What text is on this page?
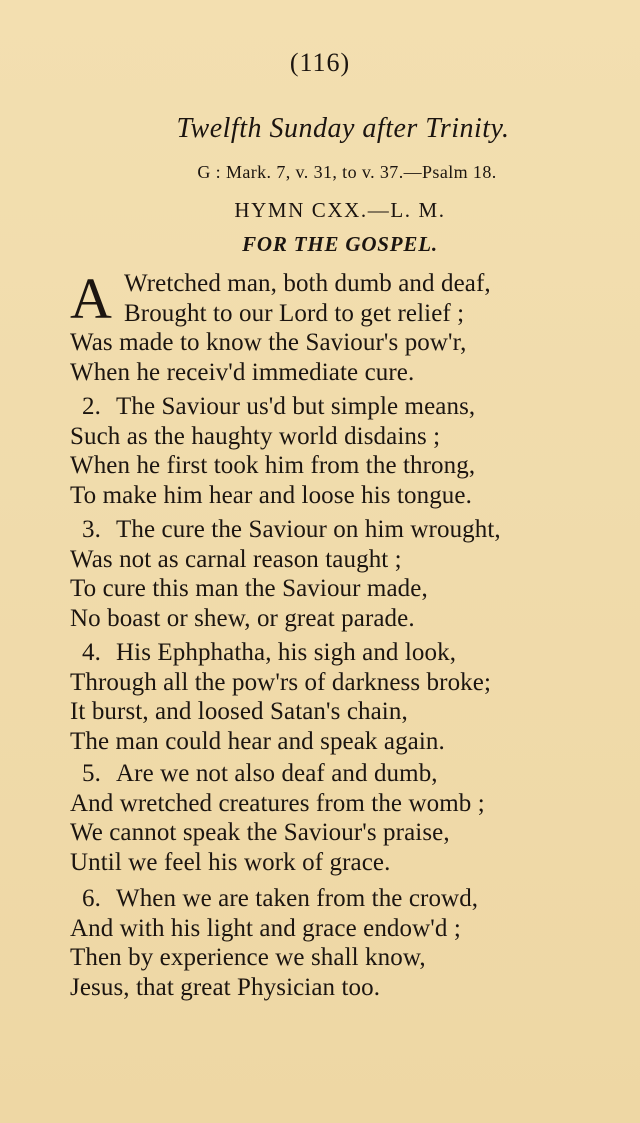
(116)
Twelfth Sunday after Trinity.
G : Mark. 7, v. 31, to v. 37.—Psalm 18.
HYMN CXX.—L. M.
FOR THE GOSPEL.
A Wretched man, both dumb and deaf,
Brought to our Lord to get relief ;
Was made to know the Saviour's pow'r,
When he receiv'd immediate cure.
2. The Saviour us'd but simple means,
Such as the haughty world disdains ;
When he first took him from the throng,
To make him hear and loose his tongue.
3. The cure the Saviour on him wrought,
Was not as carnal reason taught ;
To cure this man the Saviour made,
No boast or shew, or great parade.
4. His Ephphatha, his sigh and look,
Through all the pow'rs of darkness broke;
It burst, and loosed Satan's chain,
The man could hear and speak again.
5. Are we not also deaf and dumb,
And wretched creatures from the womb ;
We cannot speak the Saviour's praise,
Until we feel his work of grace.
6. When we are taken from the crowd,
And with his light and grace endow'd ;
Then by experience we shall know,
Jesus, that great Physician too.
